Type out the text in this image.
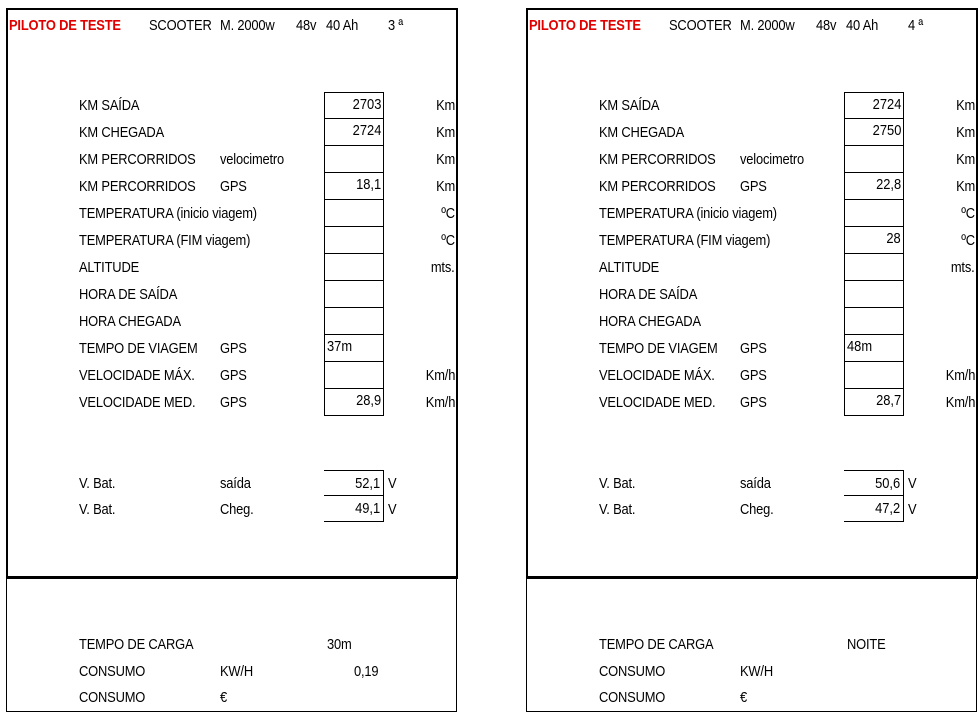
PILOTO DE TESTE SCOOTER M. 2000w 48v 40 Ah 3 ª
KM SAÍDA	2703	Km
KM CHEGADA	2724	Km
KM PERCORRIDOS velocimetro	Km
KM PERCORRIDOS GPS	18,1	Km
TEMPERATURA (inicio viagem)	ºC
TEMPERATURA (FIM viagem)	ºC
ALTITUDE	mts.
HORA DE SAÍDA
HORA CHEGADA
TEMPO DE VIAGEM GPS	37m
VELOCIDADE MÁX. GPS	Km/h
VELOCIDADE MED. GPS	28,9	Km/h
V. Bat.	saída	52,1 V
V. Bat.	Cheg.	49,1 V
TEMPO DE CARGA	30m
CONSUMO	KW/H	0,19
CONSUMO	€
PILOTO DE TESTE SCOOTER M. 2000w 48v 40 Ah 4 ª
KM SAÍDA	2724	Km
KM CHEGADA	2750	Km
KM PERCORRIDOS velocimetro	Km
KM PERCORRIDOS GPS	22,8	Km
TEMPERATURA (inicio viagem)	ºC
TEMPERATURA (FIM viagem)	28	ºC
ALTITUDE	mts.
HORA DE SAÍDA
HORA CHEGADA
TEMPO DE VIAGEM GPS	48m
VELOCIDADE MÁX. GPS	Km/h
VELOCIDADE MED. GPS	28,7	Km/h
V. Bat.	saída	50,6 V
V. Bat.	Cheg.	47,2 V
TEMPO DE CARGA	NOITE
CONSUMO	KW/H
CONSUMO	€
